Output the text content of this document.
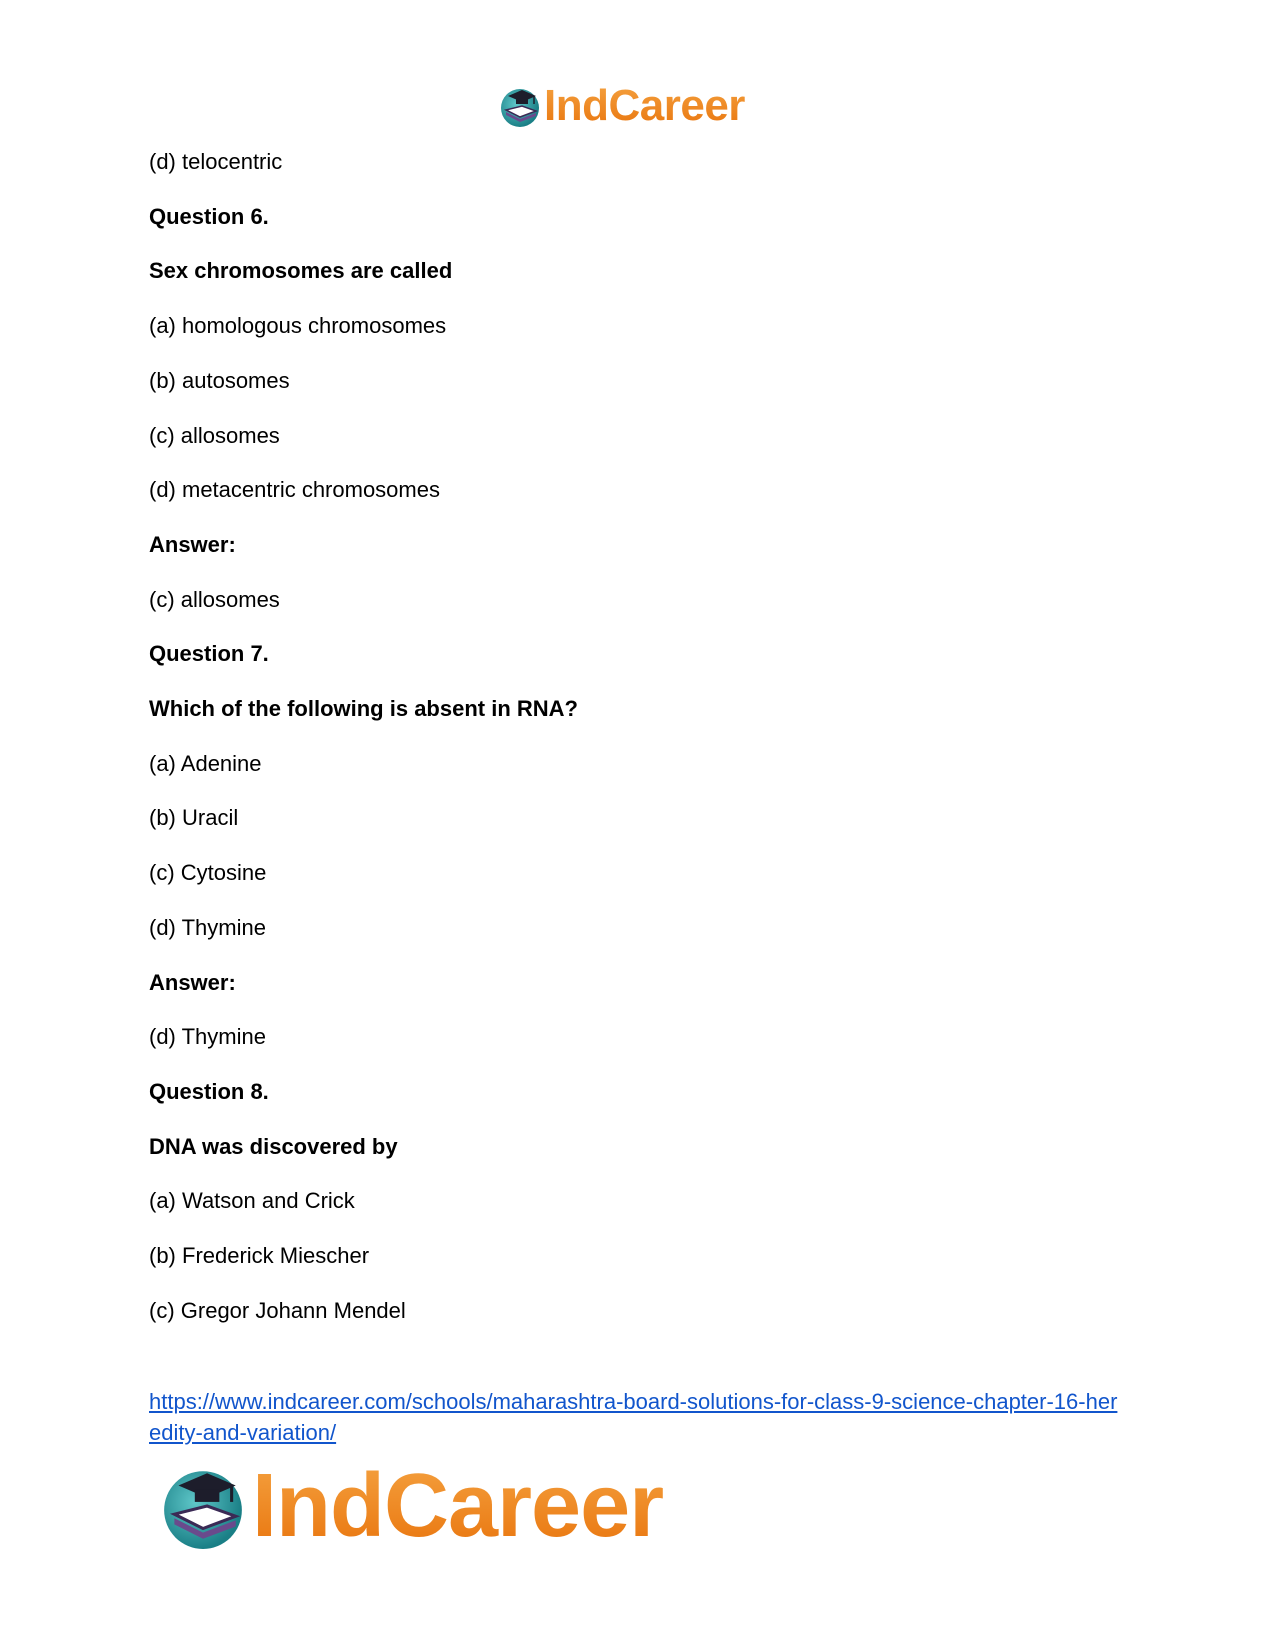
IndCareer
(d) telocentric
Question 6.
Sex chromosomes are called
(a) homologous chromosomes
(b) autosomes
(c) allosomes
(d) metacentric chromosomes
Answer:
(c) allosomes
Question 7.
Which of the following is absent in RNA?
(a) Adenine
(b) Uracil
(c) Cytosine
(d) Thymine
Answer:
(d) Thymine
Question 8.
DNA was discovered by
(a) Watson and Crick
(b) Frederick Miescher
(c) Gregor Johann Mendel
https://www.indcareer.com/schools/maharashtra-board-solutions-for-class-9-science-chapter-16-heredity-and-variation/
IndCareer
